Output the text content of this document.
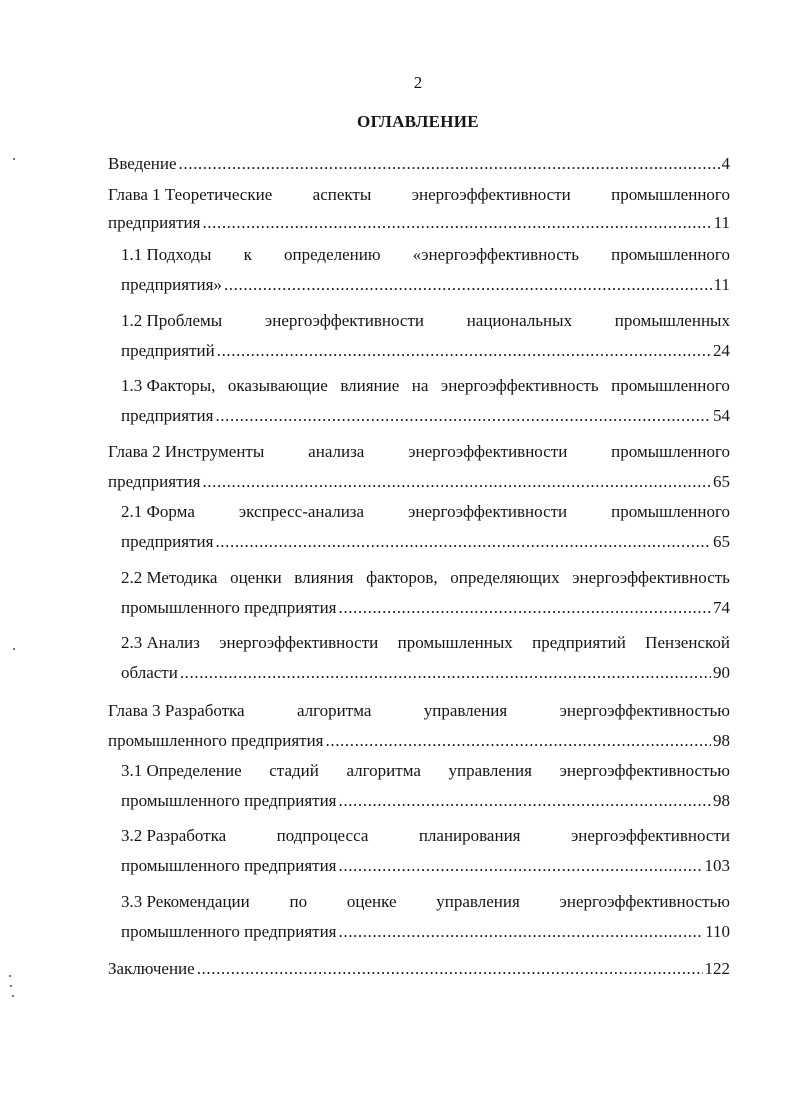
2
ОГЛАВЛЕНИЕ
Введение .....	4
Глава 1 Теоретические аспекты энергоэффективности промышленного
предприятия .....	11
1.1 Подходы к определению «энергоэффективность промышленного
предприятия» .....	11
1.2 Проблемы	энергоэффективности	национальных	промышленных
предприятий .....	24
1.3 Факторы, оказывающие влияние на энергоэффективность промышленного
предприятия .....	54
Глава 2 Инструменты	анализа	энергоэффективности	промышленного
предприятия .....	65
2.1 Форма	экспресс-анализа	энергоэффективности	промышленного
предприятия .....	65
2.2 Методика оценки влияния факторов, определяющих энергоэффективность
промышленного предприятия .....	74
2.3 Анализ энергоэффективности промышленных предприятий Пензенской
области .....	90
Глава 3 Разработка	алгоритма	управления	энергоэффективностью
промышленного предприятия .....	98
3.1 Определение стадий алгоритма управления энергоэффективностью
промышленного предприятия .....	98
3.2 Разработка	подпроцесса	планирования	энергоэффективности
промышленного предприятия .....	103
3.3 Рекомендации по оценке управления энергоэффективностью
промышленного предприятия .....	110
Заключение .....	122
